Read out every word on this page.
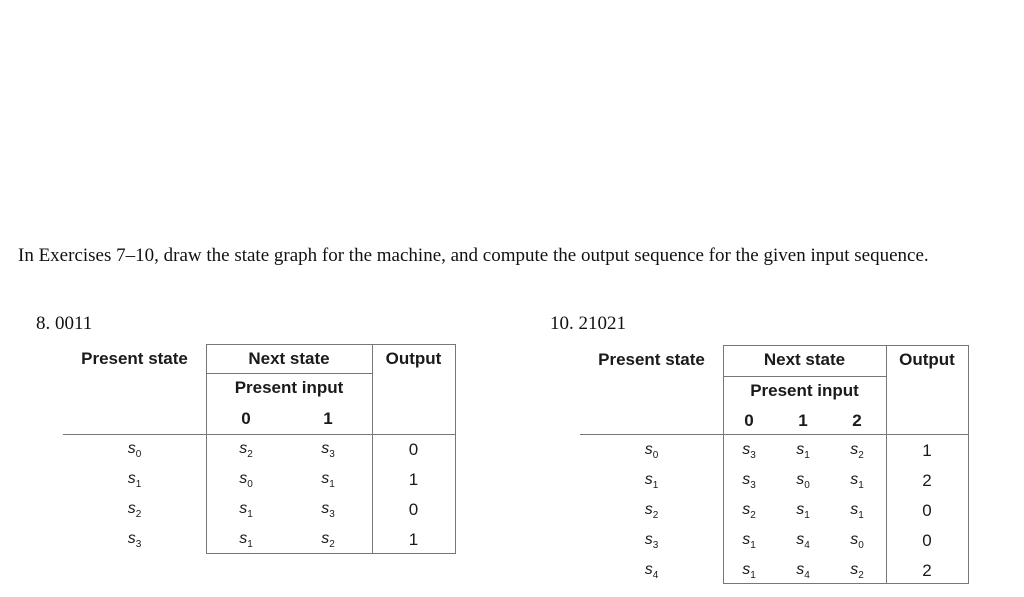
In Exercises 7–10, draw the state graph for the machine, and compute the output sequence for the given input sequence.
8. 0011	10. 21021
Present state	Next state
Present input
Output
0	1
$s_0$	$s_2$	$s_3$	0
$s_1$	$s_0$	$s_1$	1
$s_2$	$s_1$	$s_3$	0
$s_3$	$s_1$	$s_2$	1
Present state	Next state
Present input
Output
0	1	2
$s_0$	$s_3$	$s_1$	$s_2$	1
$s_1$	$s_3$	$s_0$	$s_1$	2
$s_2$	$s_2$	$s_1$	$s_1$	0
$s_3$	$s_1$	$s_4$	$s_0$	0
$s_4$	$s_1$	$s_4$	$s_2$	2
